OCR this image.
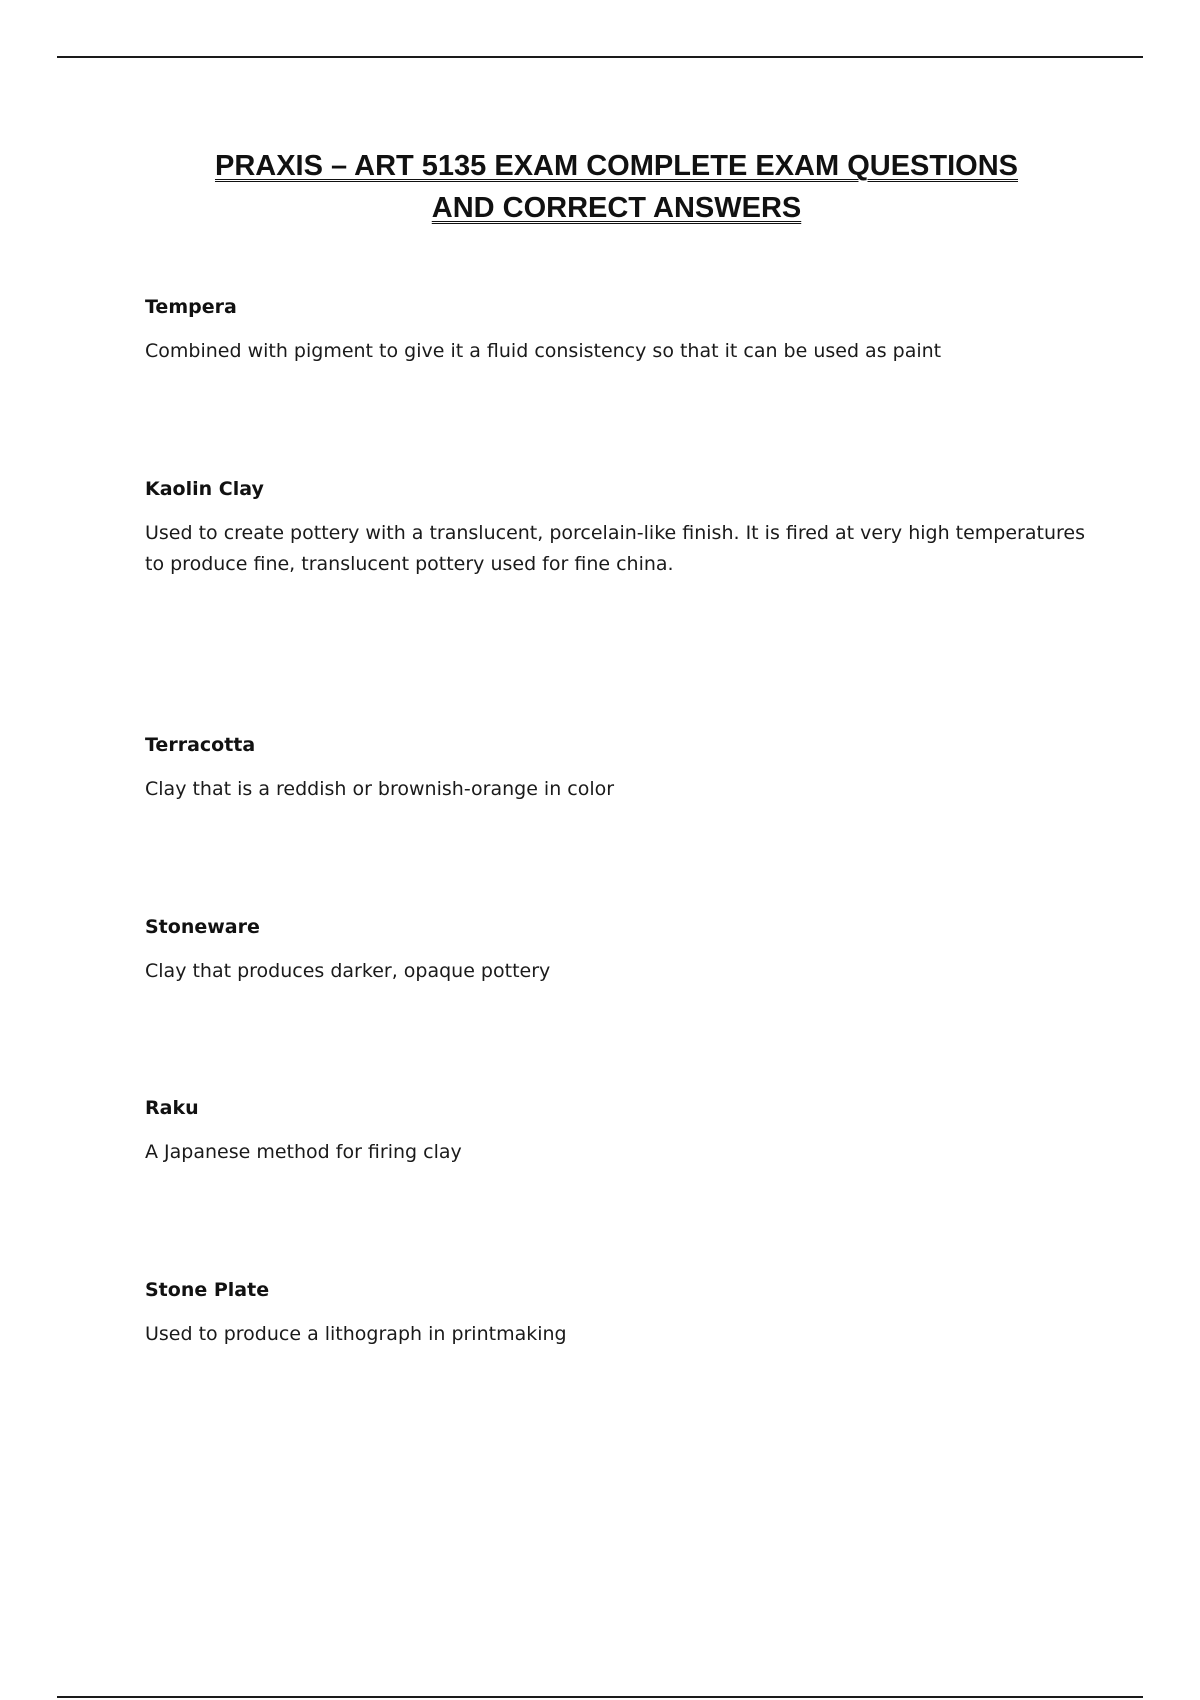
PRAXIS – ART 5135 EXAM COMPLETE EXAM QUESTIONS
AND CORRECT ANSWERS
Tempera
Combined with pigment to give it a fluid consistency so that it can be used as paint
Kaolin Clay
Used to create pottery with a translucent, porcelain-like finish. It is fired at very high temperatures to produce fine, translucent pottery used for fine china.
Terracotta
Clay that is a reddish or brownish-orange in color
Stoneware
Clay that produces darker, opaque pottery
Raku
A Japanese method for firing clay
Stone Plate
Used to produce a lithograph in printmaking
